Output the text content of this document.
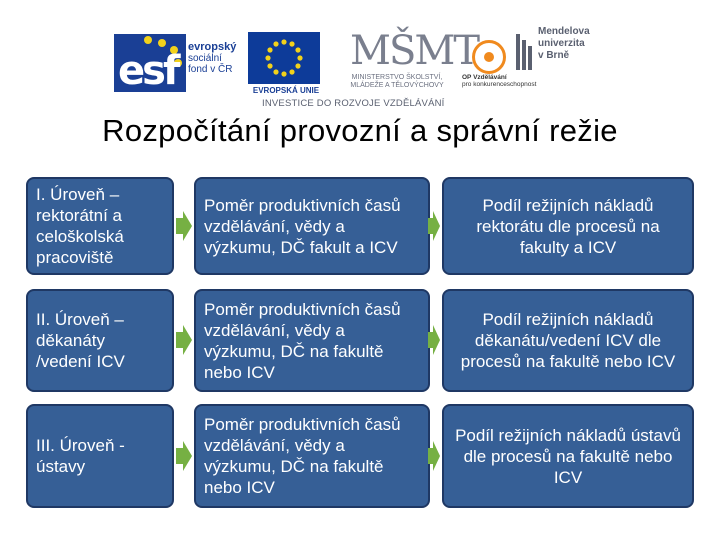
esf
evropský
sociální
fond v ČR
EVROPSKÁ UNIE
MŠMT
MINISTERSTVO ŠKOLSTVÍ,
MLÁDEŽE A TĚLOVÝCHOVY
OP Vzdělávání
pro konkurenceschopnost
Mendelova
univerzita
v Brně
INVESTICE DO ROZVOJE VZDĚLÁVÁNÍ
Rozpočítání provozní a správní režie
I. Úroveň – rektorátní a celoškolská pracoviště
Poměr produktivních časů vzdělávání, vědy a výzkumu, DČ fakult a ICV
Podíl režijních nákladů rektorátu dle procesů na fakulty a ICV
II. Úroveň – děkanáty /vedení ICV
Poměr produktivních časů vzdělávání, vědy a výzkumu, DČ na fakultě nebo ICV
Podíl režijních nákladů děkanátu/vedení ICV dle procesů na fakultě nebo ICV
III. Úroveň - ústavy
Poměr produktivních časů vzdělávání, vědy a výzkumu, DČ na fakultě nebo ICV
Podíl režijních nákladů ústavů dle procesů na fakultě nebo ICV
